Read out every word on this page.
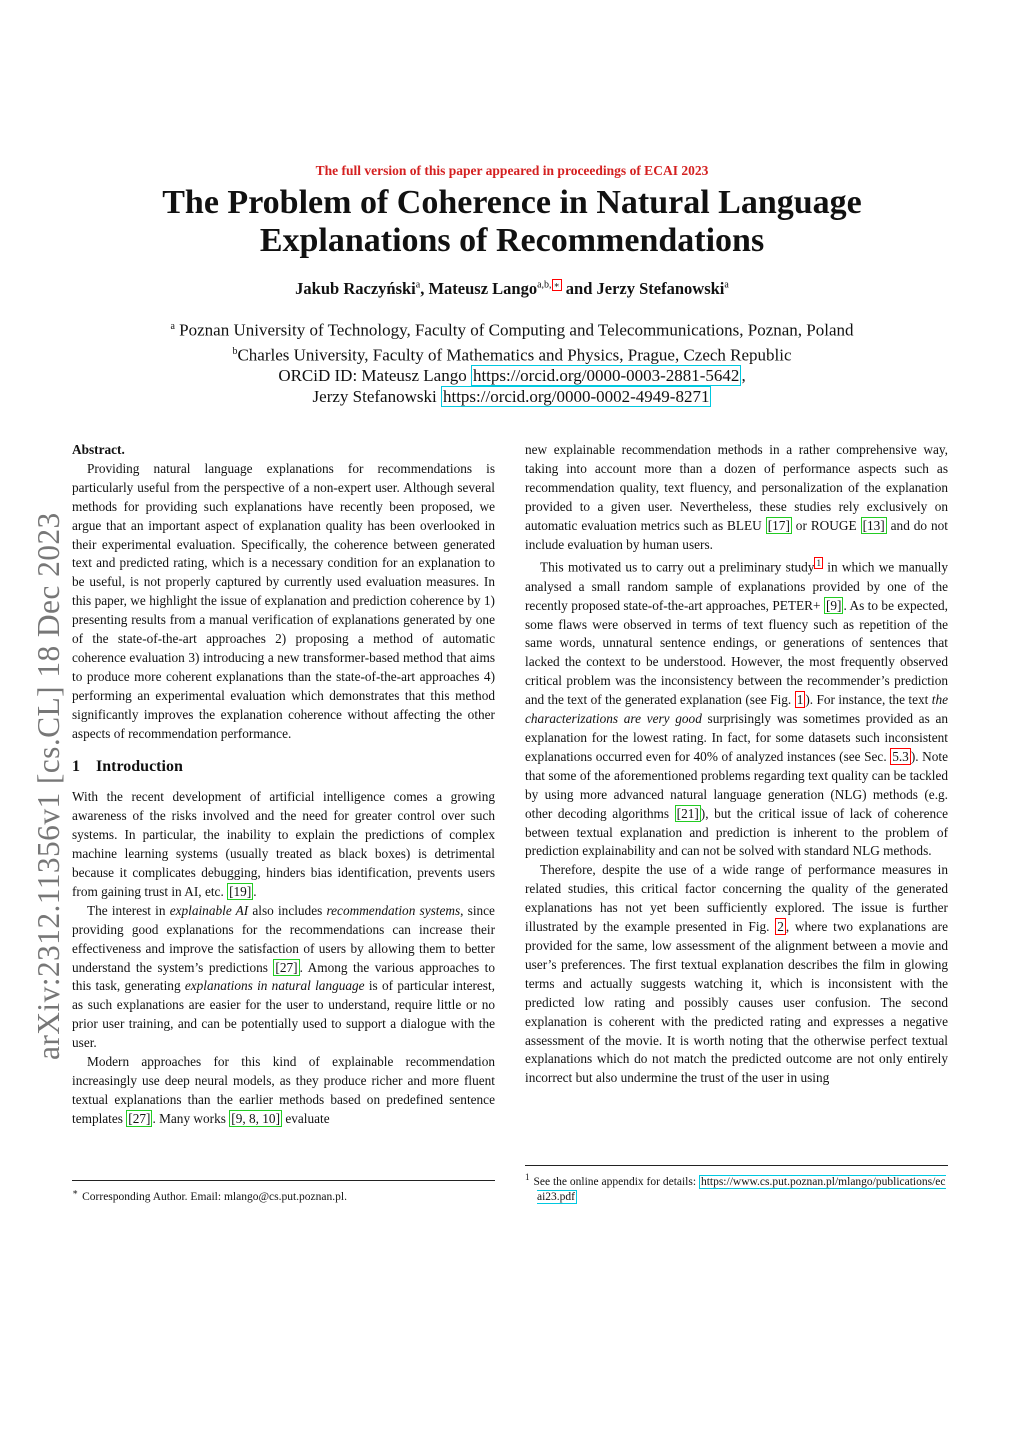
The full version of this paper appeared in proceedings of ECAI 2023
The Problem of Coherence in Natural Language
Explanations of Recommendations
Jakub Raczyński$^a$, Mateusz Lango$^{a,b,}$ ∗ and Jerzy Stefanowski$^a$
$^a$ Poznan University of Technology, Faculty of Computing and Telecommunications, Poznan, Poland
$^b$Charles University, Faculty of Mathematics and Physics, Prague, Czech Republic
ORCiD ID: Mateusz Lango https://orcid.org/0000-0003-2881-5642 ,
Jerzy Stefanowski https://orcid.org/0000-0002-4949-8271
arXiv:2312.11356v1 [cs.CL] 18 Dec 2023
Abstract.

Providing natural language explanations for recommendations is particularly useful from the perspective of a non-expert user. Although several methods for providing such explanations have recently been proposed, we argue that an important aspect of explanation quality has been overlooked in their experimental evaluation. Specifically, the coherence between generated text and predicted rating, which is a necessary condition for an explanation to be useful, is not properly captured by currently used evaluation measures. In this paper, we highlight the issue of explanation and prediction coherence by 1) presenting results from a manual verification of explanations generated by one of the state-of-the-art approaches 2) proposing a method of automatic coherence evaluation 3) introducing a new transformer-based method that aims to produce more coherent explanations than the state-of-the-art approaches 4) performing an experimental evaluation which demonstrates that this method significantly improves the explanation coherence without affecting the other aspects of recommendation performance.

1 Introduction

With the recent development of artificial intelligence comes a growing awareness of the risks involved and the need for greater control over such systems. In particular, the inability to explain the predictions of complex machine learning systems (usually treated as black boxes) is detrimental because it complicates debugging, hinders bias identification, prevents users from gaining trust in AI, etc. [19] .

The interest in explainable AI also includes recommendation systems, since providing good explanations for the recommendations can increase their effectiveness and improve the satisfaction of users by allowing them to better understand the system’s predictions [27] . Among the various approaches to this task, generating explanations in natural language is of particular interest, as such explanations are easier for the user to understand, require little or no prior user training, and can be potentially used to support a dialogue with the user.

Modern approaches for this kind of explainable recommendation increasingly use deep neural models, as they produce richer and more fluent textual explanations than the earlier methods based on predefined sentence templates [27] . Many works [9, 8, 10] evaluate

∗ Corresponding Author. Email: mlango@cs.put.poznan.pl.

new explainable recommendation methods in a rather comprehensive way, taking into account more than a dozen of performance aspects such as recommendation quality, text fluency, and personalization of the explanation provided to a given user. Nevertheless, these studies rely exclusively on automatic evaluation metrics such as BLEU [17] or ROUGE [13] and do not include evaluation by human users.

This motivated us to carry out a preliminary study $^1$ in which we manually analysed a small random sample of explanations provided by one of the recently proposed state-of-the-art approaches, PETER+ [9] . As to be expected, some flaws were observed in terms of text fluency such as repetition of the same words, unnatural sentence endings, or generations of sentences that lacked the context to be understood. However, the most frequently observed critical problem was the inconsistency between the recommender’s prediction and the text of the generated explanation (see Fig. 1 ). For instance, the text the characterizations are very good surprisingly was sometimes provided as an explanation for the lowest rating. In fact, for some datasets such inconsistent explanations occurred even for 40% of analyzed instances (see Sec. 5.3 ). Note that some of the aforementioned problems regarding text quality can be tackled by using more advanced natural language generation (NLG) methods (e.g. other decoding algorithms [21] ), but the critical issue of lack of coherence between textual explanation and prediction is inherent to the problem of prediction explainability and can not be solved with standard NLG methods.

Therefore, despite the use of a wide range of performance measures in related studies, this critical factor concerning the quality of the generated explanations has not yet been sufficiently explored. The issue is further illustrated by the example presented in Fig. 2 , where two explanations are provided for the same, low assessment of the alignment between a movie and user’s preferences. The first textual explanation describes the film in glowing terms and actually suggests watching it, which is inconsistent with the predicted low rating and possibly causes user confusion. The second explanation is coherent with the predicted rating and expresses a negative assessment of the movie. It is worth noting that the otherwise perfect textual explanations which do not match the predicted outcome are not only entirely incorrect but also undermine the trust of the user in using

$^1$ See the online appendix for details: https://www.cs.put.poznan.pl/mlango/publications/ecai23.pdf
